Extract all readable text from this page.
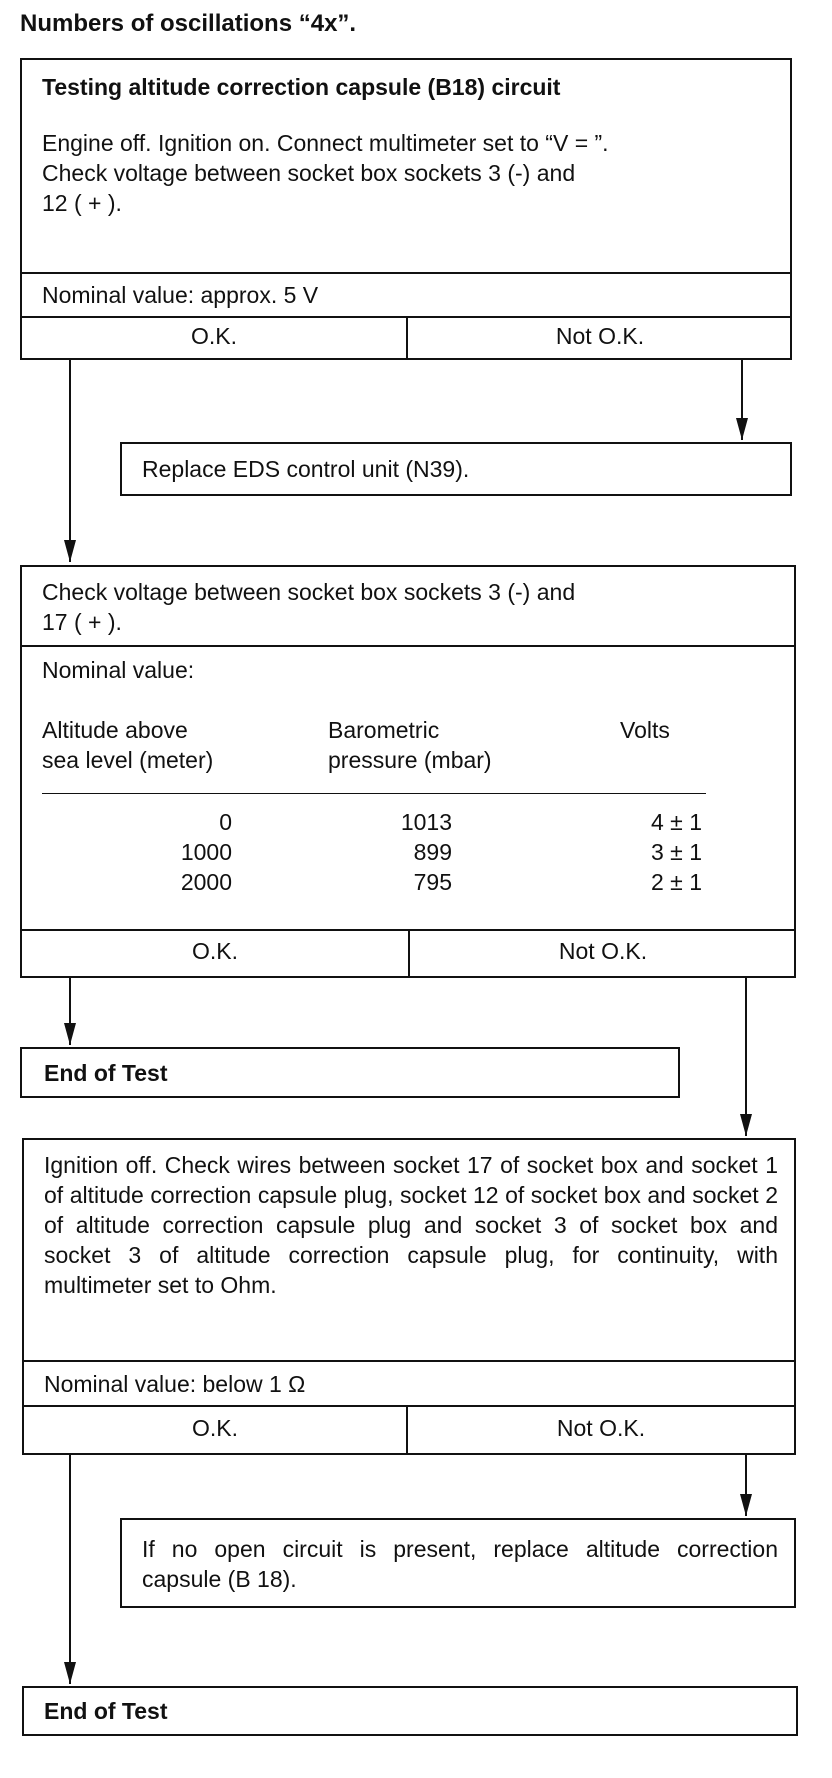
Numbers of oscillations “4x”.
Testing altitude correction capsule (B18) circuit
Engine off. Ignition on. Connect multimeter set to “V = ”.
Check voltage between socket box sockets 3 (-) and
12 ( + ).
Nominal value: approx. 5 V
O.K.	Not O.K.
Replace EDS control unit (N39).
Check voltage between socket box sockets 3 (-) and
17 ( + ).
Nominal value:
Altitude above
sea level (meter)
Barometric
pressure (mbar)
Volts
0	1013	4 ± 1
1000	899	3 ± 1
2000	795	2 ± 1
O.K.	Not O.K.
End of Test
Ignition off. Check wires between socket 17 of socket box and socket 1 of altitude correction capsule plug, socket 12 of socket box and socket 2 of altitude correction capsule plug and socket 3 of socket box and socket 3 of altitude correction capsule plug, for continuity, with multimeter set to Ohm.
Nominal value: below 1 Ω
O.K.	Not O.K.
If no open circuit is present, replace altitude correction capsule (B 18).
End of Test
